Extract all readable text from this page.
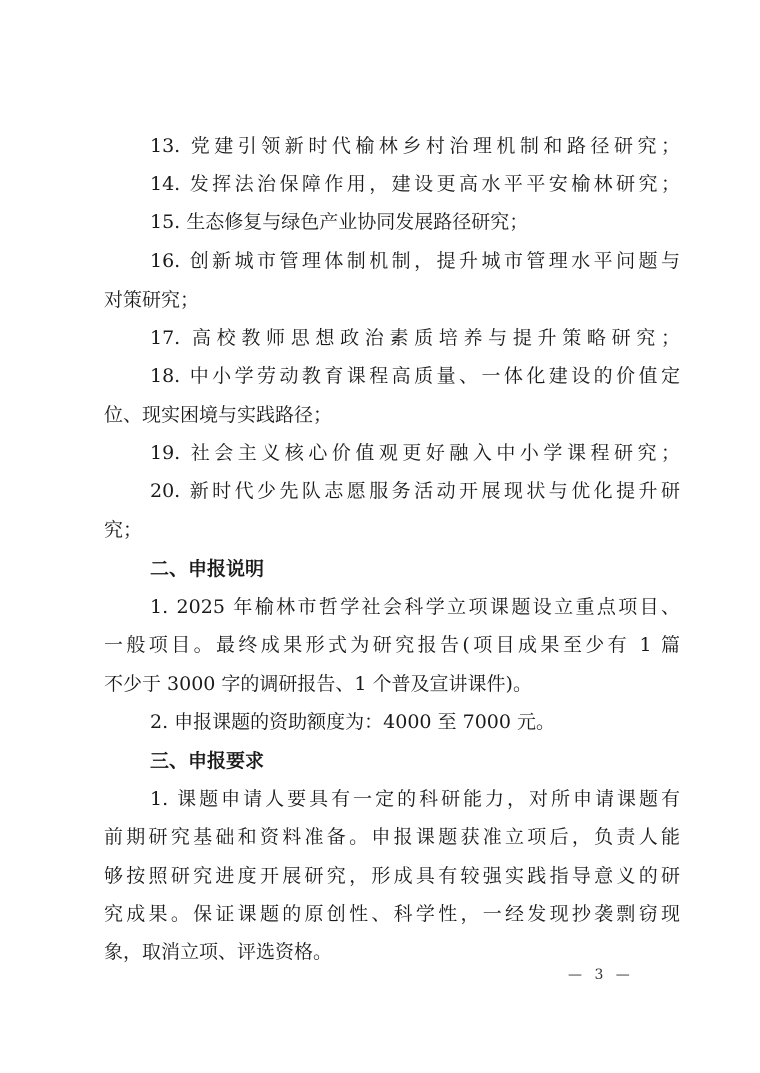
13. 党建引领新时代榆林乡村治理机制和路径研究；
14. 发挥法治保障作用，建设更高水平平安榆林研究；
15. 生态修复与绿色产业协同发展路径研究；
16. 创新城市管理体制机制，提升城市管理水平问题与
对策研究；
17. 高校教师思想政治素质培养与提升策略研究；
18. 中小学劳动教育课程高质量、一体化建设的价值定
位、现实困境与实践路径；
19. 社会主义核心价值观更好融入中小学课程研究；
20. 新时代少先队志愿服务活动开展现状与优化提升研
究；
二、申报说明
1. 2025 年榆林市哲学社会科学立项课题设立重点项目、
一般项目。最终成果形式为研究报告(项目成果至少有 1 篇
不少于 3000 字的调研报告、1 个普及宣讲课件)。
2. 申报课题的资助额度为：4000 至 7000 元。
三、申报要求
1. 课题申请人要具有一定的科研能力，对所申请课题有
前期研究基础和资料准备。申报课题获准立项后，负责人能
够按照研究进度开展研究，形成具有较强实践指导意义的研
究成果。保证课题的原创性、科学性，一经发现抄袭剽窃现
象，取消立项、评选资格。
— 3 —
